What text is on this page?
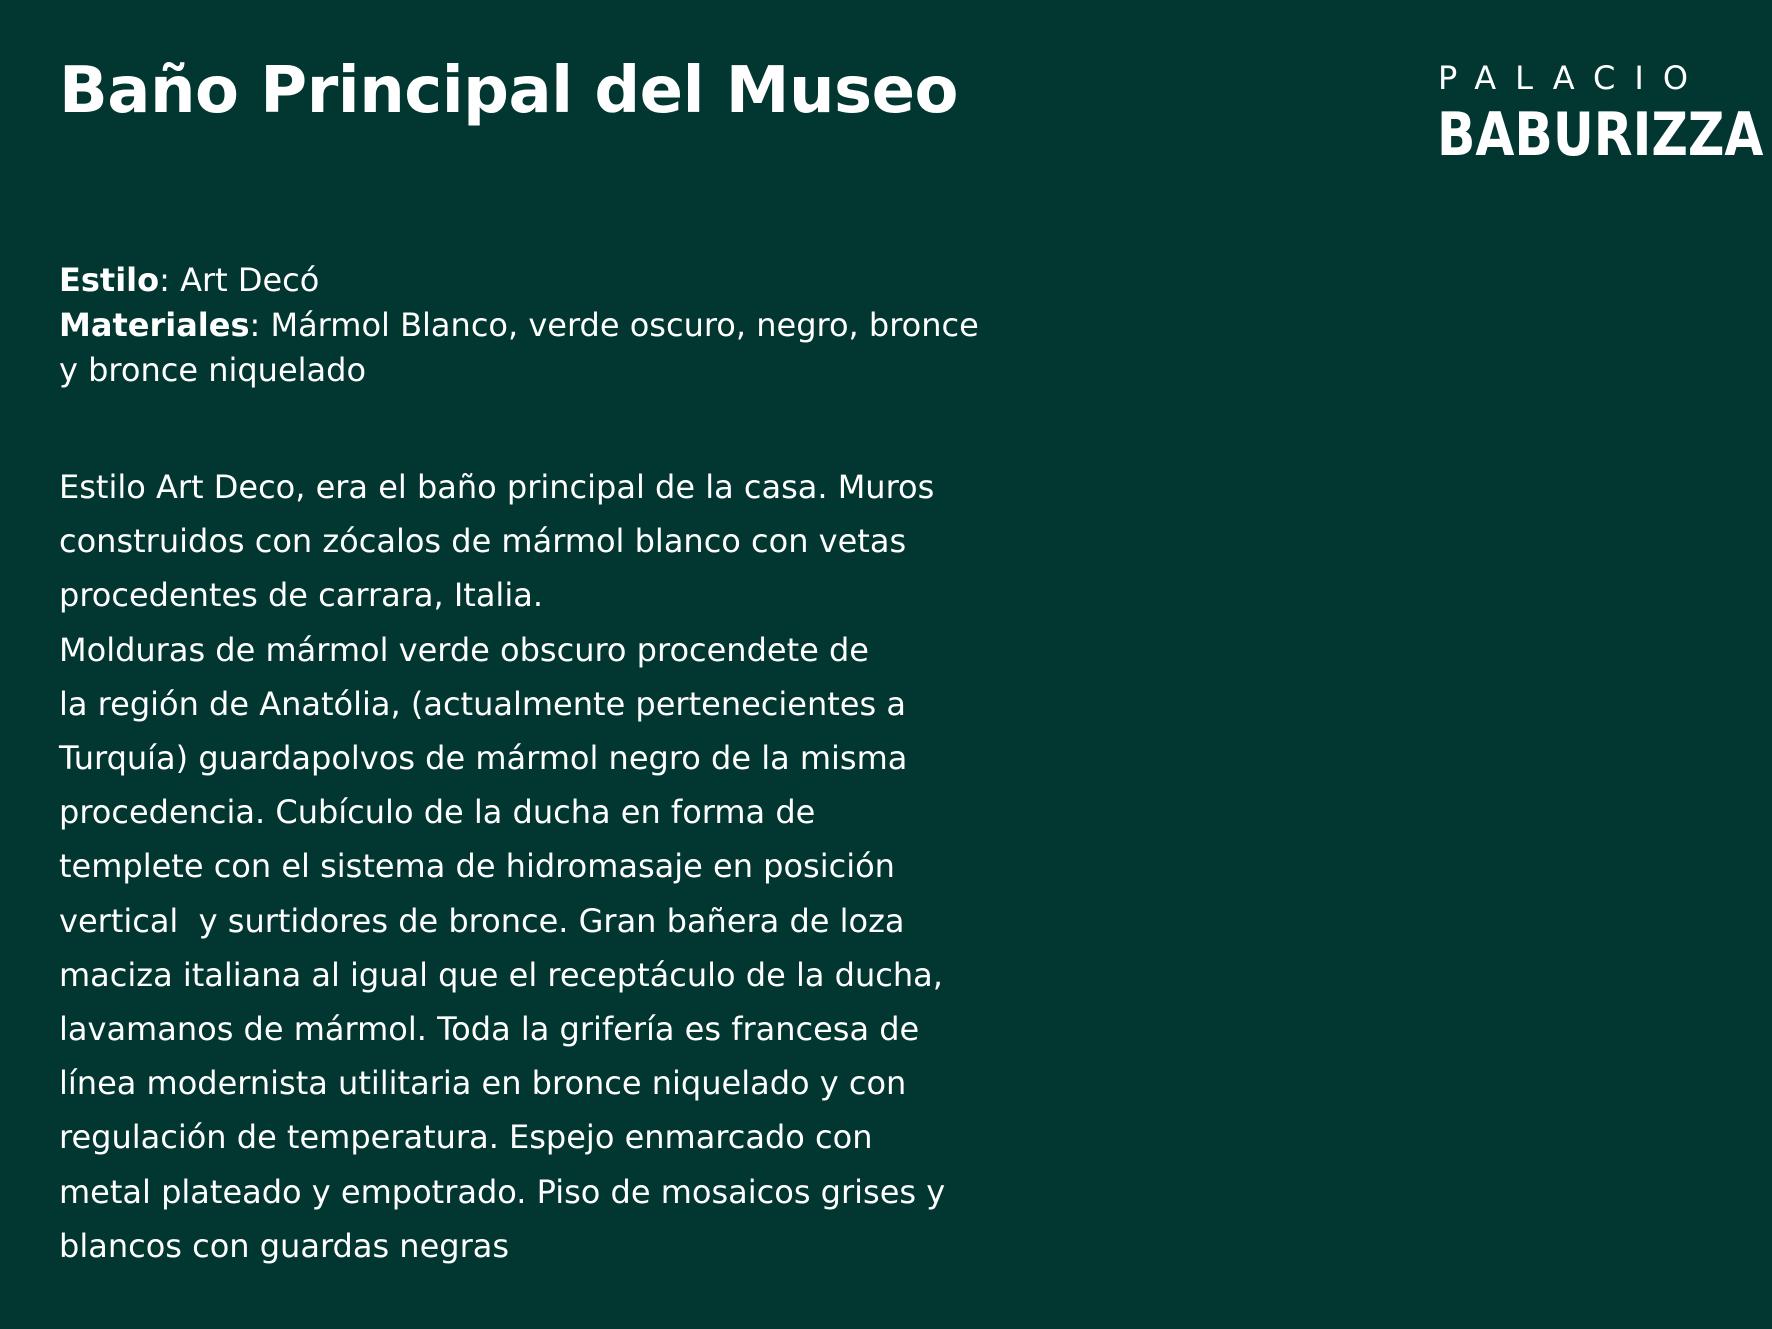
Baño Principal del Museo	PALACIO
BABURIZZA

Estilo: Art Decó

Materiales: Mármol Blanco, verde oscuro, negro, bronce

y bronce niquelado

Estilo Art Deco, era el baño principal de la casa. Muros

construidos con zócalos de mármol blanco con vetas

procedentes de carrara, Italia.

Molduras de mármol verde obscuro procendete de

la región de Anatólia, (actualmente pertenecientes a

Turquía) guardapolvos de mármol negro de la misma

procedencia. Cubículo de la ducha en forma de

templete con el sistema de hidromasaje en posición

vertical  y surtidores de bronce. Gran bañera de loza

maciza italiana al igual que el receptáculo de la ducha,

lavamanos de mármol. Toda la grifería es francesa de

línea modernista utilitaria en bronce niquelado y con

regulación de temperatura. Espejo enmarcado con

metal plateado y empotrado. Piso de mosaicos grises y

blancos con guardas negras
